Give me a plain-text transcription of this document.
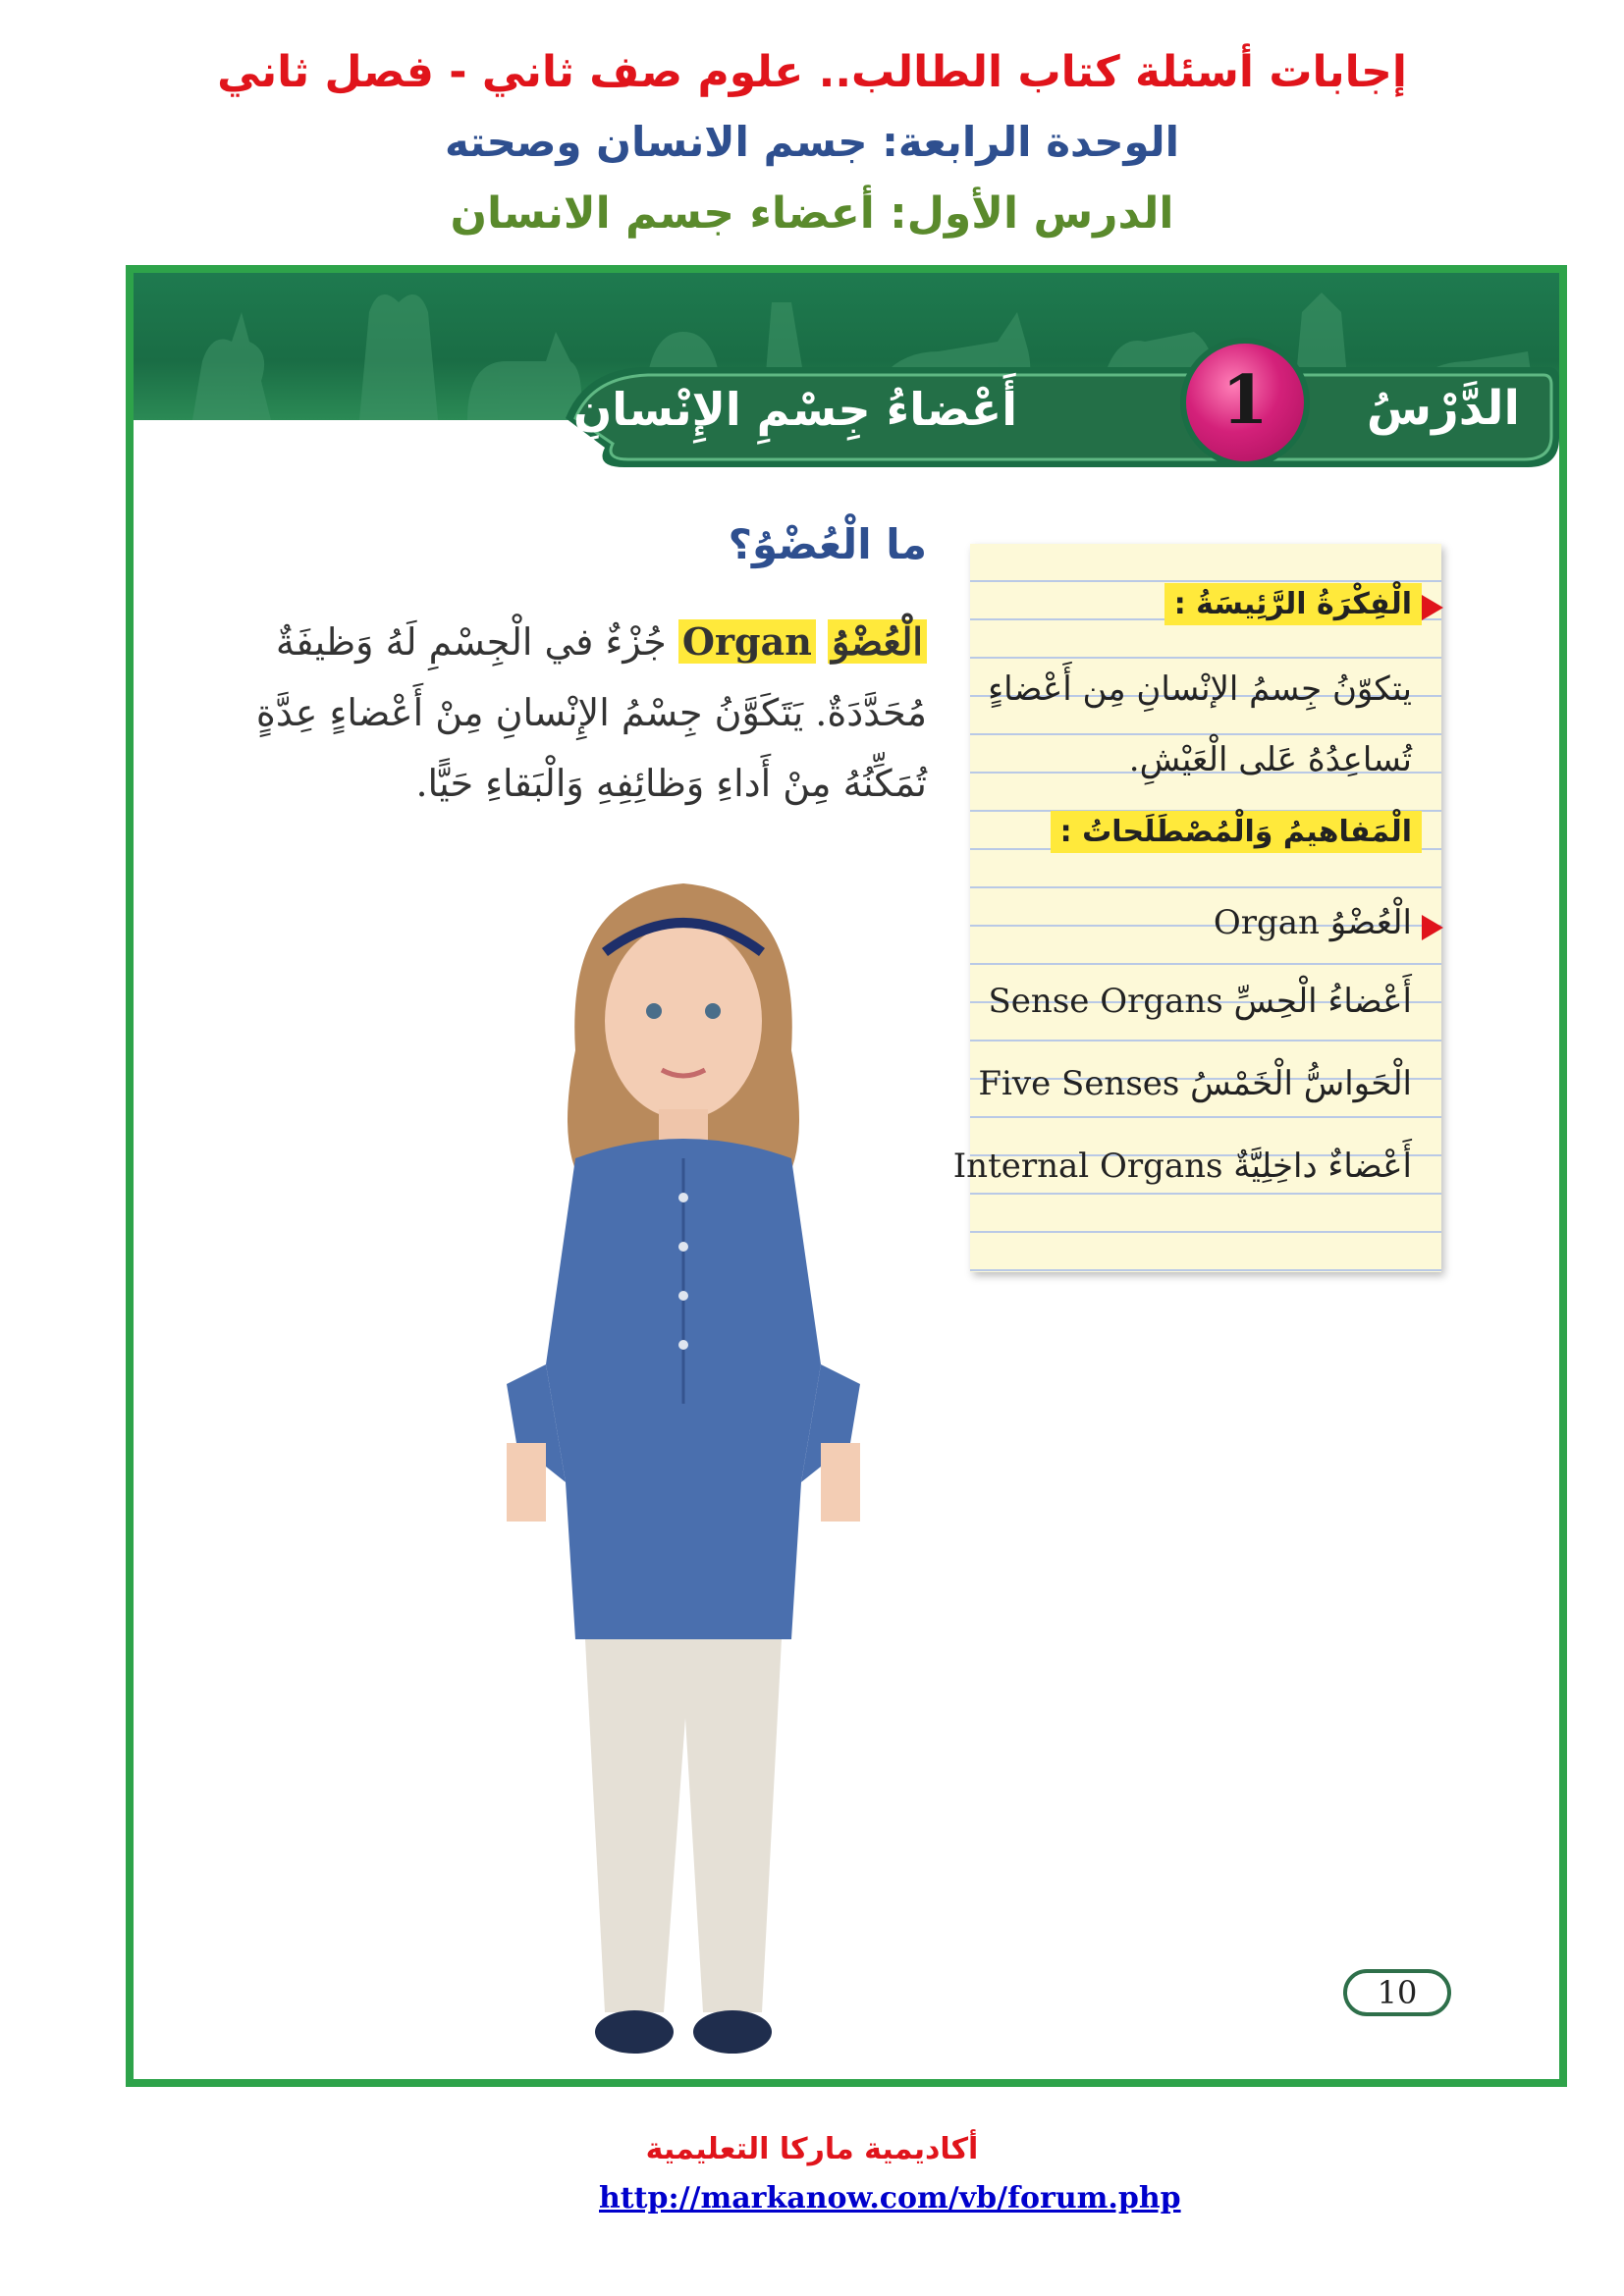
إجابات أسئلة كتاب الطالب.. علوم صف ثاني - فصل ثاني
الوحدة الرابعة: جسم الانسان وصحته
الدرس الأول: أعضاء جسم الانسان
الدَّرْسُ
أَعْضاءُ جِسْمِ الإِنْسانِ	1
ما الْعُضْوُ؟
الْعُضْوُ Organ جُزْءٌ في الْجِسْمِ لَهُ وَظيفَةٌ مُحَدَّدَةٌ. يَتَكَوَّنُ جِسْمُ الإِنْسانِ مِنْ أَعْضاءٍ عِدَّةٍ تُمَكِّنُهُ مِنْ أَداءِ وَظائِفِهِ وَالْبَقاءِ حَيًّا.
الْفِكْرَةُ الرَّئِيسَةُ :
يتكوّنُ جِسمُ الإنْسانِ مِن أَعْضاءٍ
تُساعِدُهُ عَلى الْعَيْشِ.
الْمَفاهيمُ وَالْمُصْطَلَحاتُ :
الْعُضْوُ Organ
أَعْضاءُ الْحِسِّ Sense Organs
الْحَواسُّ الْخَمْسُ Five Senses
أَعْضاءٌ داخِلِيَّةٌ Internal Organs
10
أكاديمية ماركا التعليمية
http://markanow.com/vb/forum.php
